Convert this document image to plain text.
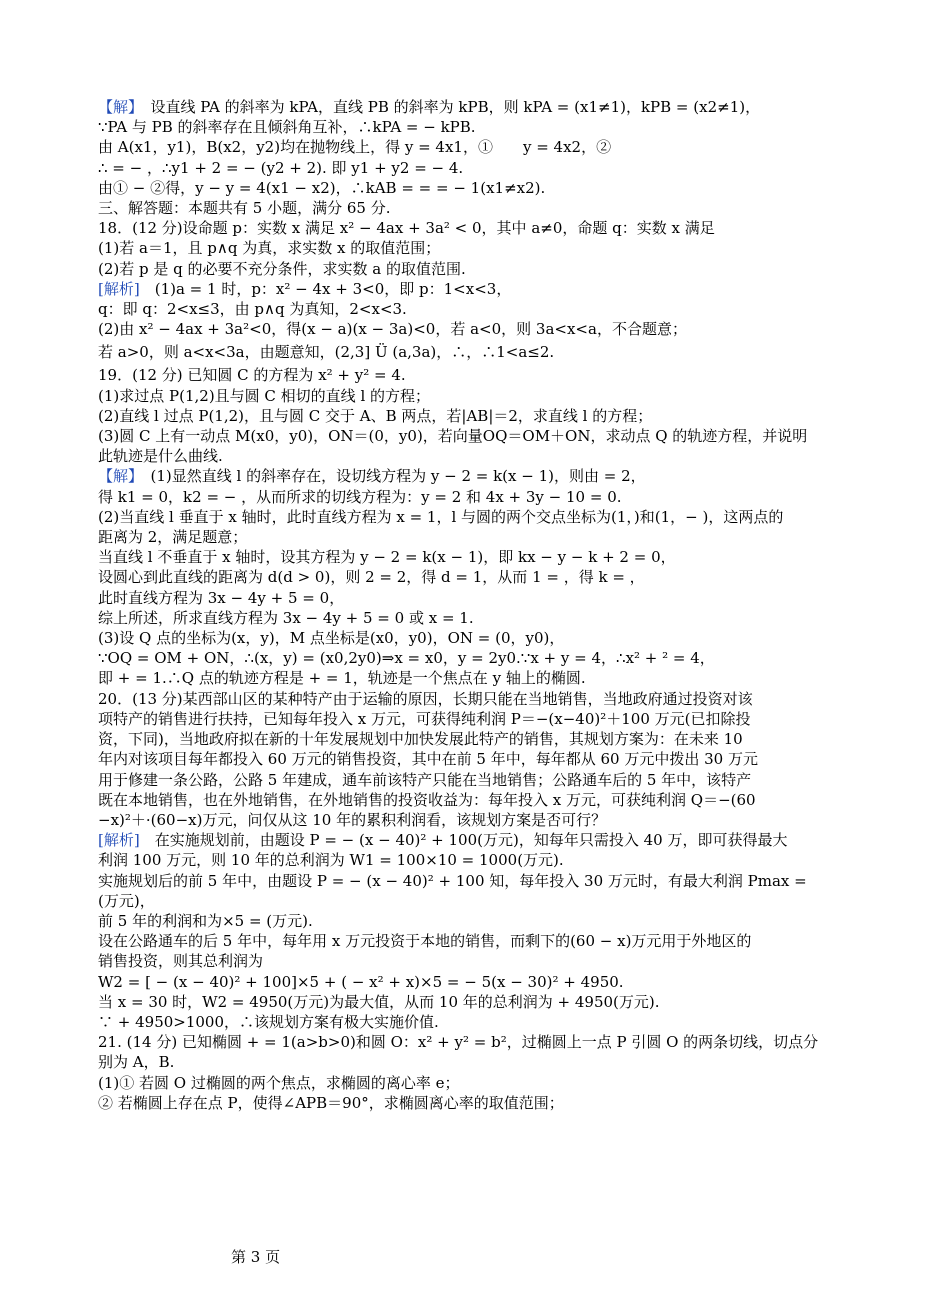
【解】　设直线 PA 的斜率为 kPA，直线 PB 的斜率为 kPB，则 kPA = (x1≠1)，kPB = (x2≠1)，
∵PA 与 PB 的斜率存在且倾斜角互补，∴kPA = − kPB.
由 A(x1，y1)，B(x2，y2)均在抛物线上，得 y = 4x1，①　　y = 4x2，②
∴ = − ，∴y1 + 2 = − (y2 + 2). 即 y1 + y2 = − 4.
由① − ②得，y − y = 4(x1 − x2)，∴kAB = = = − 1(x1≠x2).
三、解答题：本题共有 5 小题，满分 65 分.
18．(12 分)设命题 p：实数 x 满足 x² − 4ax + 3a² < 0，其中 a≠0，命题 q：实数 x 满足
(1)若 a＝1，且 p∧q 为真，求实数 x 的取值范围；
(2)若 p 是 q 的必要不充分条件，求实数 a 的取值范围.
[解析]　(1)a = 1 时，p：x² − 4x + 3<0，即 p：1<x<3，
q：即 q：2<x≤3，由 p∧q 为真知，2<x<3.
(2)由 x² − 4ax + 3a²<0，得(x − a)(x − 3a)<0，若 a<0，则 3a<x<a，不合题意；
若 a>0，则 a<x<3a，由题意知，(2,3] Ü (a,3a)，∴，∴1<a≤2.
19．(12 分) 已知圆 C 的方程为 x² + y² = 4.
(1)求过点 P(1,2)且与圆 C 相切的直线 l 的方程；
(2)直线 l 过点 P(1,2)，且与圆 C 交于 A、B 两点，若|AB|＝2，求直线 l 的方程；
(3)圆 C 上有一动点 M(x0，y0)，ON＝(0，y0)，若向量OQ＝OM＋ON，求动点 Q 的轨迹方程，并说明
此轨迹是什么曲线.
【解】　(1)显然直线 l 的斜率存在，设切线方程为 y − 2 = k(x − 1)，则由 = 2，
得 k1 = 0，k2 = − ，从而所求的切线方程为：y = 2 和 4x + 3y − 10 = 0.
(2)当直线 l 垂直于 x 轴时，此时直线方程为 x = 1，l 与圆的两个交点坐标为(1，)和(1，− )，这两点的
距离为 2，满足题意；
当直线 l 不垂直于 x 轴时，设其方程为 y − 2 = k(x − 1)，即 kx − y − k + 2 = 0，
设圆心到此直线的距离为 d(d > 0)，则 2 = 2，得 d = 1，从而 1 = ，得 k = ，
此时直线方程为 3x − 4y + 5 = 0，
综上所述，所求直线方程为 3x − 4y + 5 = 0 或 x = 1.
(3)设 Q 点的坐标为(x，y)，M 点坐标是(x0，y0)，ON = (0，y0)，
∵OQ = OM + ON，∴(x，y) = (x0,2y0)⇒x = x0，y = 2y0.∵x + y = 4，∴x² + ² = 4，
即 + = 1.∴Q 点的轨迹方程是 + = 1，轨迹是一个焦点在 y 轴上的椭圆.
20．(13 分)某西部山区的某种特产由于运输的原因，长期只能在当地销售，当地政府通过投资对该
项特产的销售进行扶持，已知每年投入 x 万元，可获得纯利润 P＝−(x−40)²＋100 万元(已扣除投
资，下同)，当地政府拟在新的十年发展规划中加快发展此特产的销售，其规划方案为：在未来 10
年内对该项目每年都投入 60 万元的销售投资，其中在前 5 年中，每年都从 60 万元中拨出 30 万元
用于修建一条公路，公路 5 年建成，通车前该特产只能在当地销售；公路通车后的 5 年中，该特产
既在本地销售，也在外地销售，在外地销售的投资收益为：每年投入 x 万元，可获纯利润 Q＝−(60
−x)²＋·(60−x)万元，问仅从这 10 年的累积利润看，该规划方案是否可行？
[解析]　在实施规划前，由题设 P = − (x − 40)² + 100(万元)，知每年只需投入 40 万，即可获得最大
利润 100 万元，则 10 年的总利润为 W1 = 100×10 = 1000(万元).
实施规划后的前 5 年中，由题设 P = − (x − 40)² + 100 知，每年投入 30 万元时，有最大利润 Pmax =
(万元)，
前 5 年的利润和为×5 = (万元).
设在公路通车的后 5 年中，每年用 x 万元投资于本地的销售，而剩下的(60 − x)万元用于外地区的
销售投资，则其总利润为
W2 = [ − (x − 40)² + 100]×5 + ( − x² + x)×5 = − 5(x − 30)² + 4950.
当 x = 30 时，W2 = 4950(万元)为最大值，从而 10 年的总利润为 + 4950(万元).
∵ + 4950>1000，∴该规划方案有极大实施价值.
21. (14 分) 已知椭圆 + = 1(a>b>0)和圆 O：x² + y² = b²，过椭圆上一点 P 引圆 O 的两条切线，切点分
别为 A，B.
(1)① 若圆 O 过椭圆的两个焦点，求椭圆的离心率 e；
② 若椭圆上存在点 P，使得∠APB＝90°，求椭圆离心率的取值范围；
第 3 页
